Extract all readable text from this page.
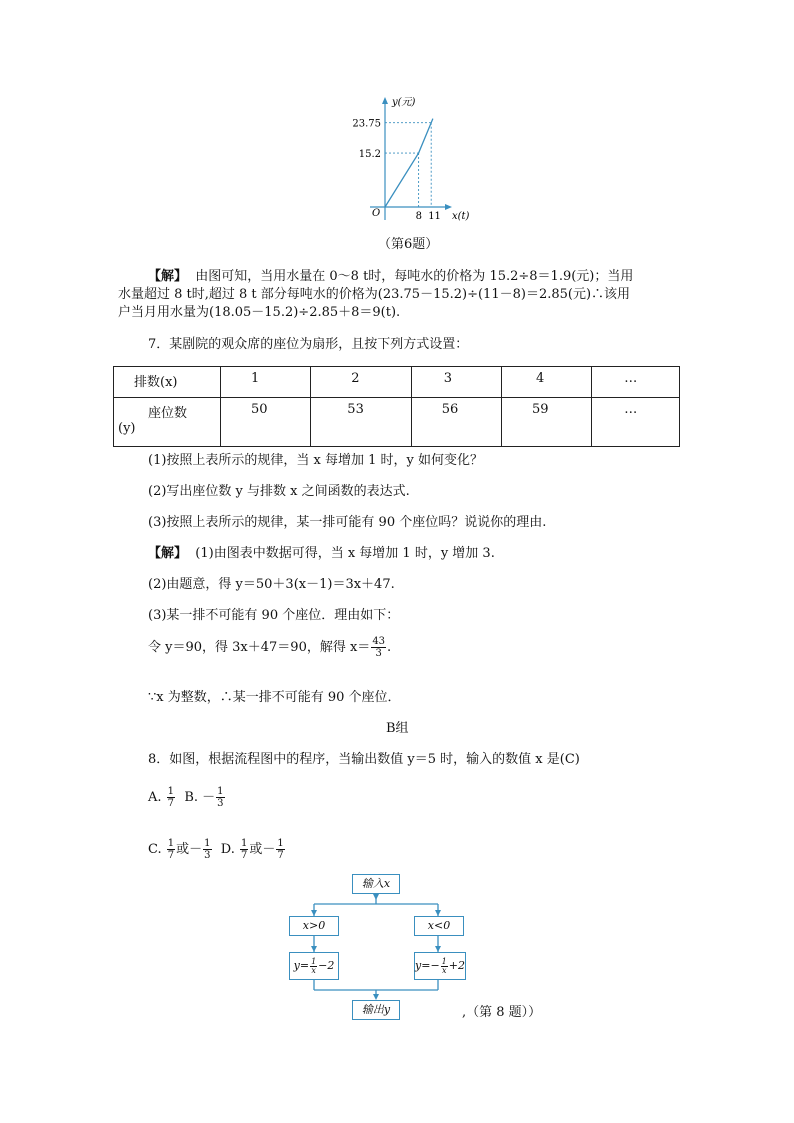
8
15.2
11
23.75
y(元)
x(t)
O
（第6题）
【解】 由图可知，当用水量在 0～8 t时，每吨水的价格为 15.2÷8＝1.9(元)；当用
水量超过 8 t时,超过 8 t 部分每吨水的价格为(23.75－15.2)÷(11－8)＝2.85(元)∴该用
户当月用水量为(18.05－15.2)÷2.85＋8＝9(t).
7．某剧院的观众席的座位为扇形，且按下列方式设置：
排数(x)	1	2	3	4	…

座位数
(y)	50	53	56	59	…
(1)按照上表所示的规律，当 x 每增加 1 时，y 如何变化？
(2)写出座位数 y 与排数 x 之间函数的表达式.
(3)按照上表所示的规律，某一排可能有 90 个座位吗？说说你的理由.
【解】 (1)由图表中数据可得，当 x 每增加 1 时，y 增加 3.
(2)由题意，得 y＝50＋3(x－1)＝3x＋47.
(3)某一排不可能有 90 个座位．理由如下：
令 y＝90，得 3x＋47＝90，解得 $x= \frac{43}{3}$ .
∵x 为整数，∴某一排不可能有 90 个座位．
B组
8．如图，根据流程图中的程序，当输出数值 y＝5 时，输入的数值 x 是(C)
A. $\frac{1}{7} B$. － $\frac{1}{3}$
C. $\frac{1}{7}$ 或－ $\frac{1}{3} D$. $\frac{1}{7}$ 或－ $\frac{1}{7}$
输入x
x>0	x<0
$y= \frac{1}{x} -2$	$y=- \frac{1}{x} +2$
输出y	,（第 8 题））
